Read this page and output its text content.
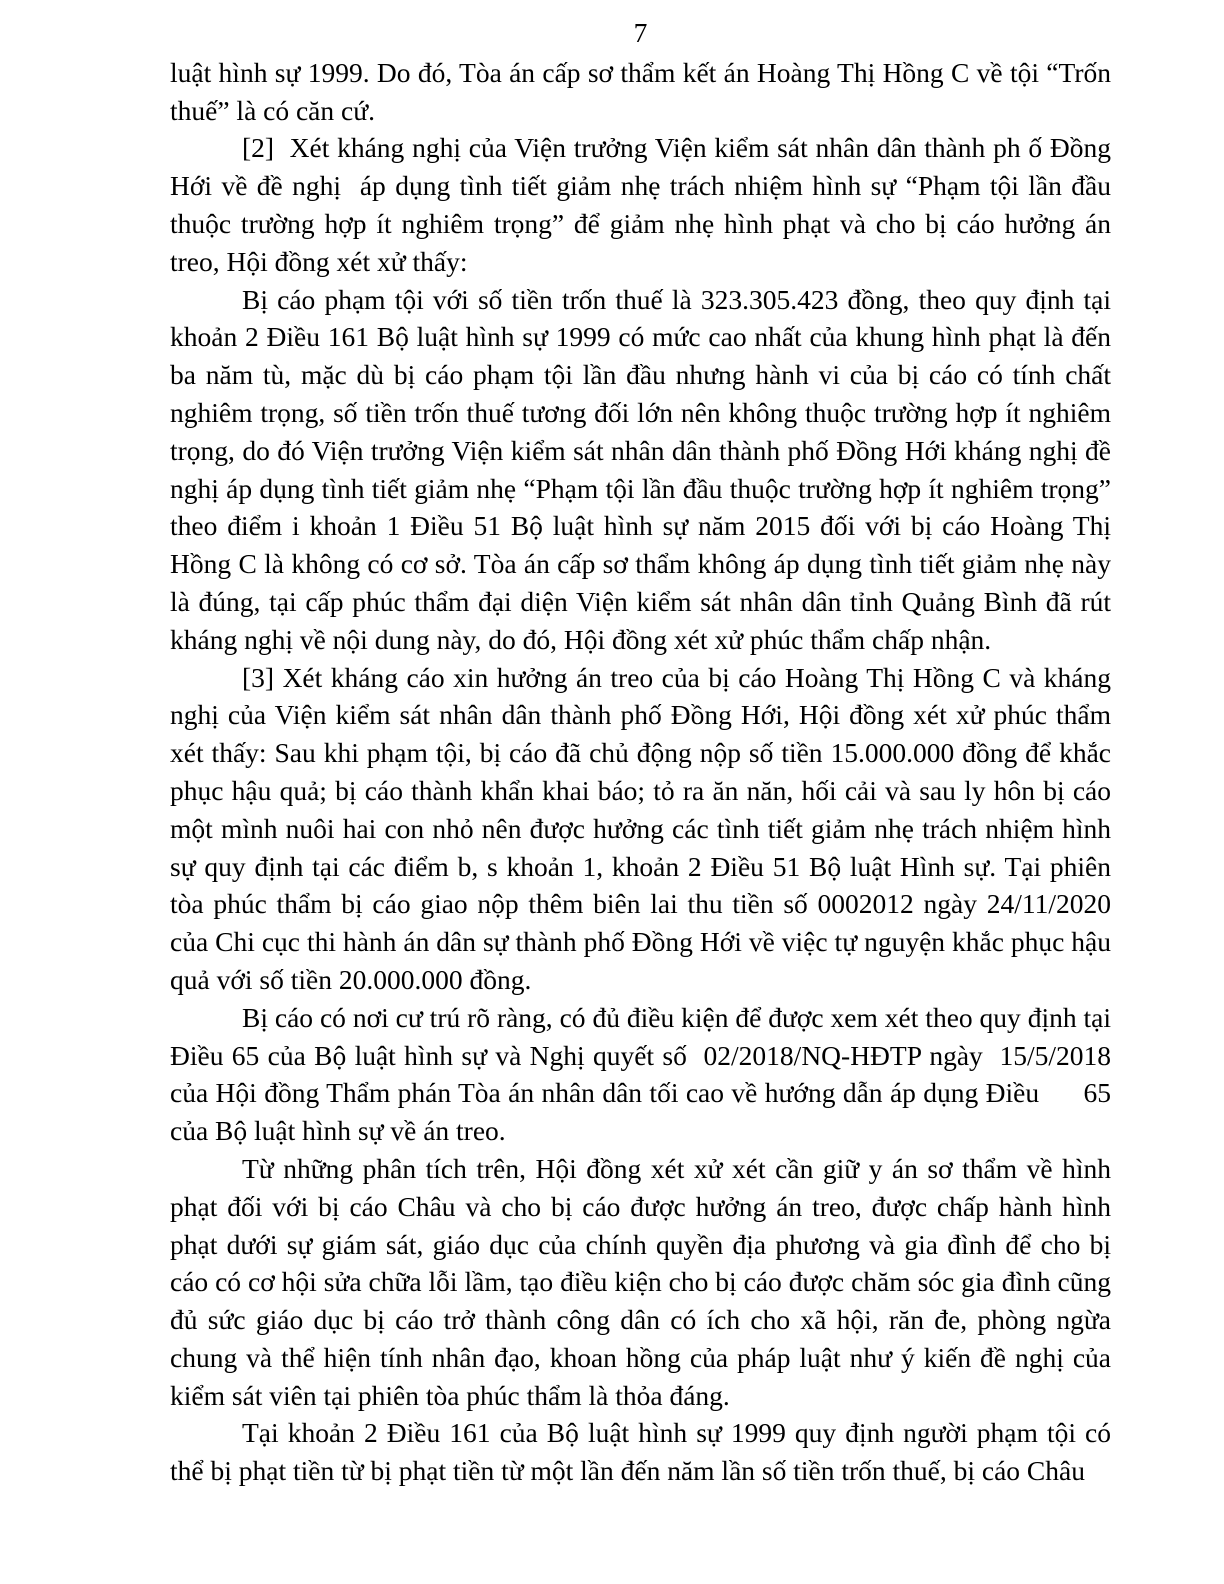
7

luật hình sự 1999. Do đó, Tòa án cấp sơ thẩm kết án Hoàng Thị Hồng C về tội “Trốn thuế” là có căn cứ.

[2]  Xét kháng nghị của Viện trưởng Viện kiểm sát nhân dân thành ph ố Đồng Hới về đề nghị  áp dụng tình tiết giảm nhẹ trách nhiệm hình sự “Phạm tội lần đầu thuộc trường hợp ít nghiêm trọng” để giảm nhẹ hình phạt và cho bị cáo hưởng án treo, Hội đồng xét xử thấy:

Bị cáo phạm tội với số tiền trốn thuế là 323.305.423 đồng, theo quy định tại khoản 2 Điều 161 Bộ luật hình sự 1999 có mức cao nhất của khung hình phạt là đến ba năm tù, mặc dù bị cáo phạm tội lần đầu nhưng hành vi của bị cáo có tính chất nghiêm trọng, số tiền trốn thuế tương đối lớn nên không thuộc trường hợp ít nghiêm trọng, do đó Viện trưởng Viện kiểm sát nhân dân thành phố Đồng Hới kháng nghị đề nghị áp dụng tình tiết giảm nhẹ “Phạm tội lần đầu thuộc trường hợp ít nghiêm trọng” theo điểm i khoản 1 Điều 51 Bộ luật hình sự năm 2015 đối với bị cáo Hoàng Thị Hồng C là không có cơ sở. Tòa án cấp sơ thẩm không áp dụng tình tiết giảm nhẹ này là đúng, tại cấp phúc thẩm đại diện Viện kiểm sát nhân dân tỉnh Quảng Bình đã rút kháng nghị về nội dung này, do đó, Hội đồng xét xử phúc thẩm chấp nhận.

[3] Xét kháng cáo xin hưởng án treo của bị cáo Hoàng Thị Hồng C và kháng nghị của Viện kiểm sát nhân dân thành phố Đồng Hới, Hội đồng xét xử phúc thẩm xét thấy: Sau khi phạm tội, bị cáo đã chủ động nộp số tiền 15.000.000 đồng để khắc phục hậu quả; bị cáo thành khẩn khai báo; tỏ ra ăn năn, hối cải và sau ly hôn bị cáo một mình nuôi hai con nhỏ nên được hưởng các tình tiết giảm nhẹ trách nhiệm hình sự quy định tại các điểm b, s khoản 1, khoản 2 Điều 51 Bộ luật Hình sự. Tại phiên tòa phúc thẩm bị cáo giao nộp thêm biên lai thu tiền số 0002012 ngày 24/11/2020 của Chi cục thi hành án dân sự thành phố Đồng Hới về việc tự nguyện khắc phục hậu quả với số tiền 20.000.000 đồng.

Bị cáo có nơi cư trú rõ ràng, có đủ điều kiện để được xem xét theo quy định tại Điều 65 của Bộ luật hình sự và Nghị quyết số  02/2018/NQ-HĐTP ngày  15/5/2018 của Hội đồng Thẩm phán Tòa án nhân dân tối cao về hướng dẫn áp dụng Điều      65 của Bộ luật hình sự về án treo.

Từ những phân tích trên, Hội đồng xét xử xét cần giữ y án sơ thẩm về hình phạt đối với bị cáo Châu và cho bị cáo được hưởng án treo, được chấp hành hình phạt dưới sự giám sát, giáo dục của chính quyền địa phương và gia đình để cho bị cáo có cơ hội sửa chữa lỗi lầm, tạo điều kiện cho bị cáo được chăm sóc gia đình cũng đủ sức giáo dục bị cáo trở thành công dân có ích cho xã hội, răn đe, phòng ngừa chung và thể hiện tính nhân đạo, khoan hồng của pháp luật như ý kiến đề nghị của kiểm sát viên tại phiên tòa phúc thẩm là thỏa đáng.

Tại khoản 2 Điều 161 của Bộ luật hình sự 1999 quy định người phạm tội có thể bị phạt tiền từ bị phạt tiền từ một lần đến năm lần số tiền trốn thuế, bị cáo Châu
